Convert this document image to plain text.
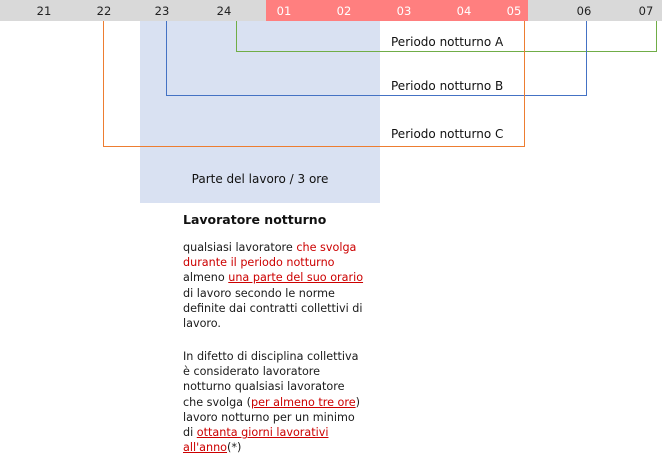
21	22	23	24	01	02	03	04	05	06	07
Parte del lavoro / 3 ore
Periodo notturno A
Periodo notturno B
Periodo notturno C
Lavoratore notturno
qualsiasi lavoratore che svolga durante il periodo notturno almeno una parte del suo orario di lavoro secondo le norme definite dai contratti collettivi di lavoro.
In difetto di disciplina collettiva è considerato lavoratore notturno qualsiasi lavoratore che svolga (per almeno tre ore) lavoro notturno per un minimo di ottanta giorni lavorativi all'anno(*)
